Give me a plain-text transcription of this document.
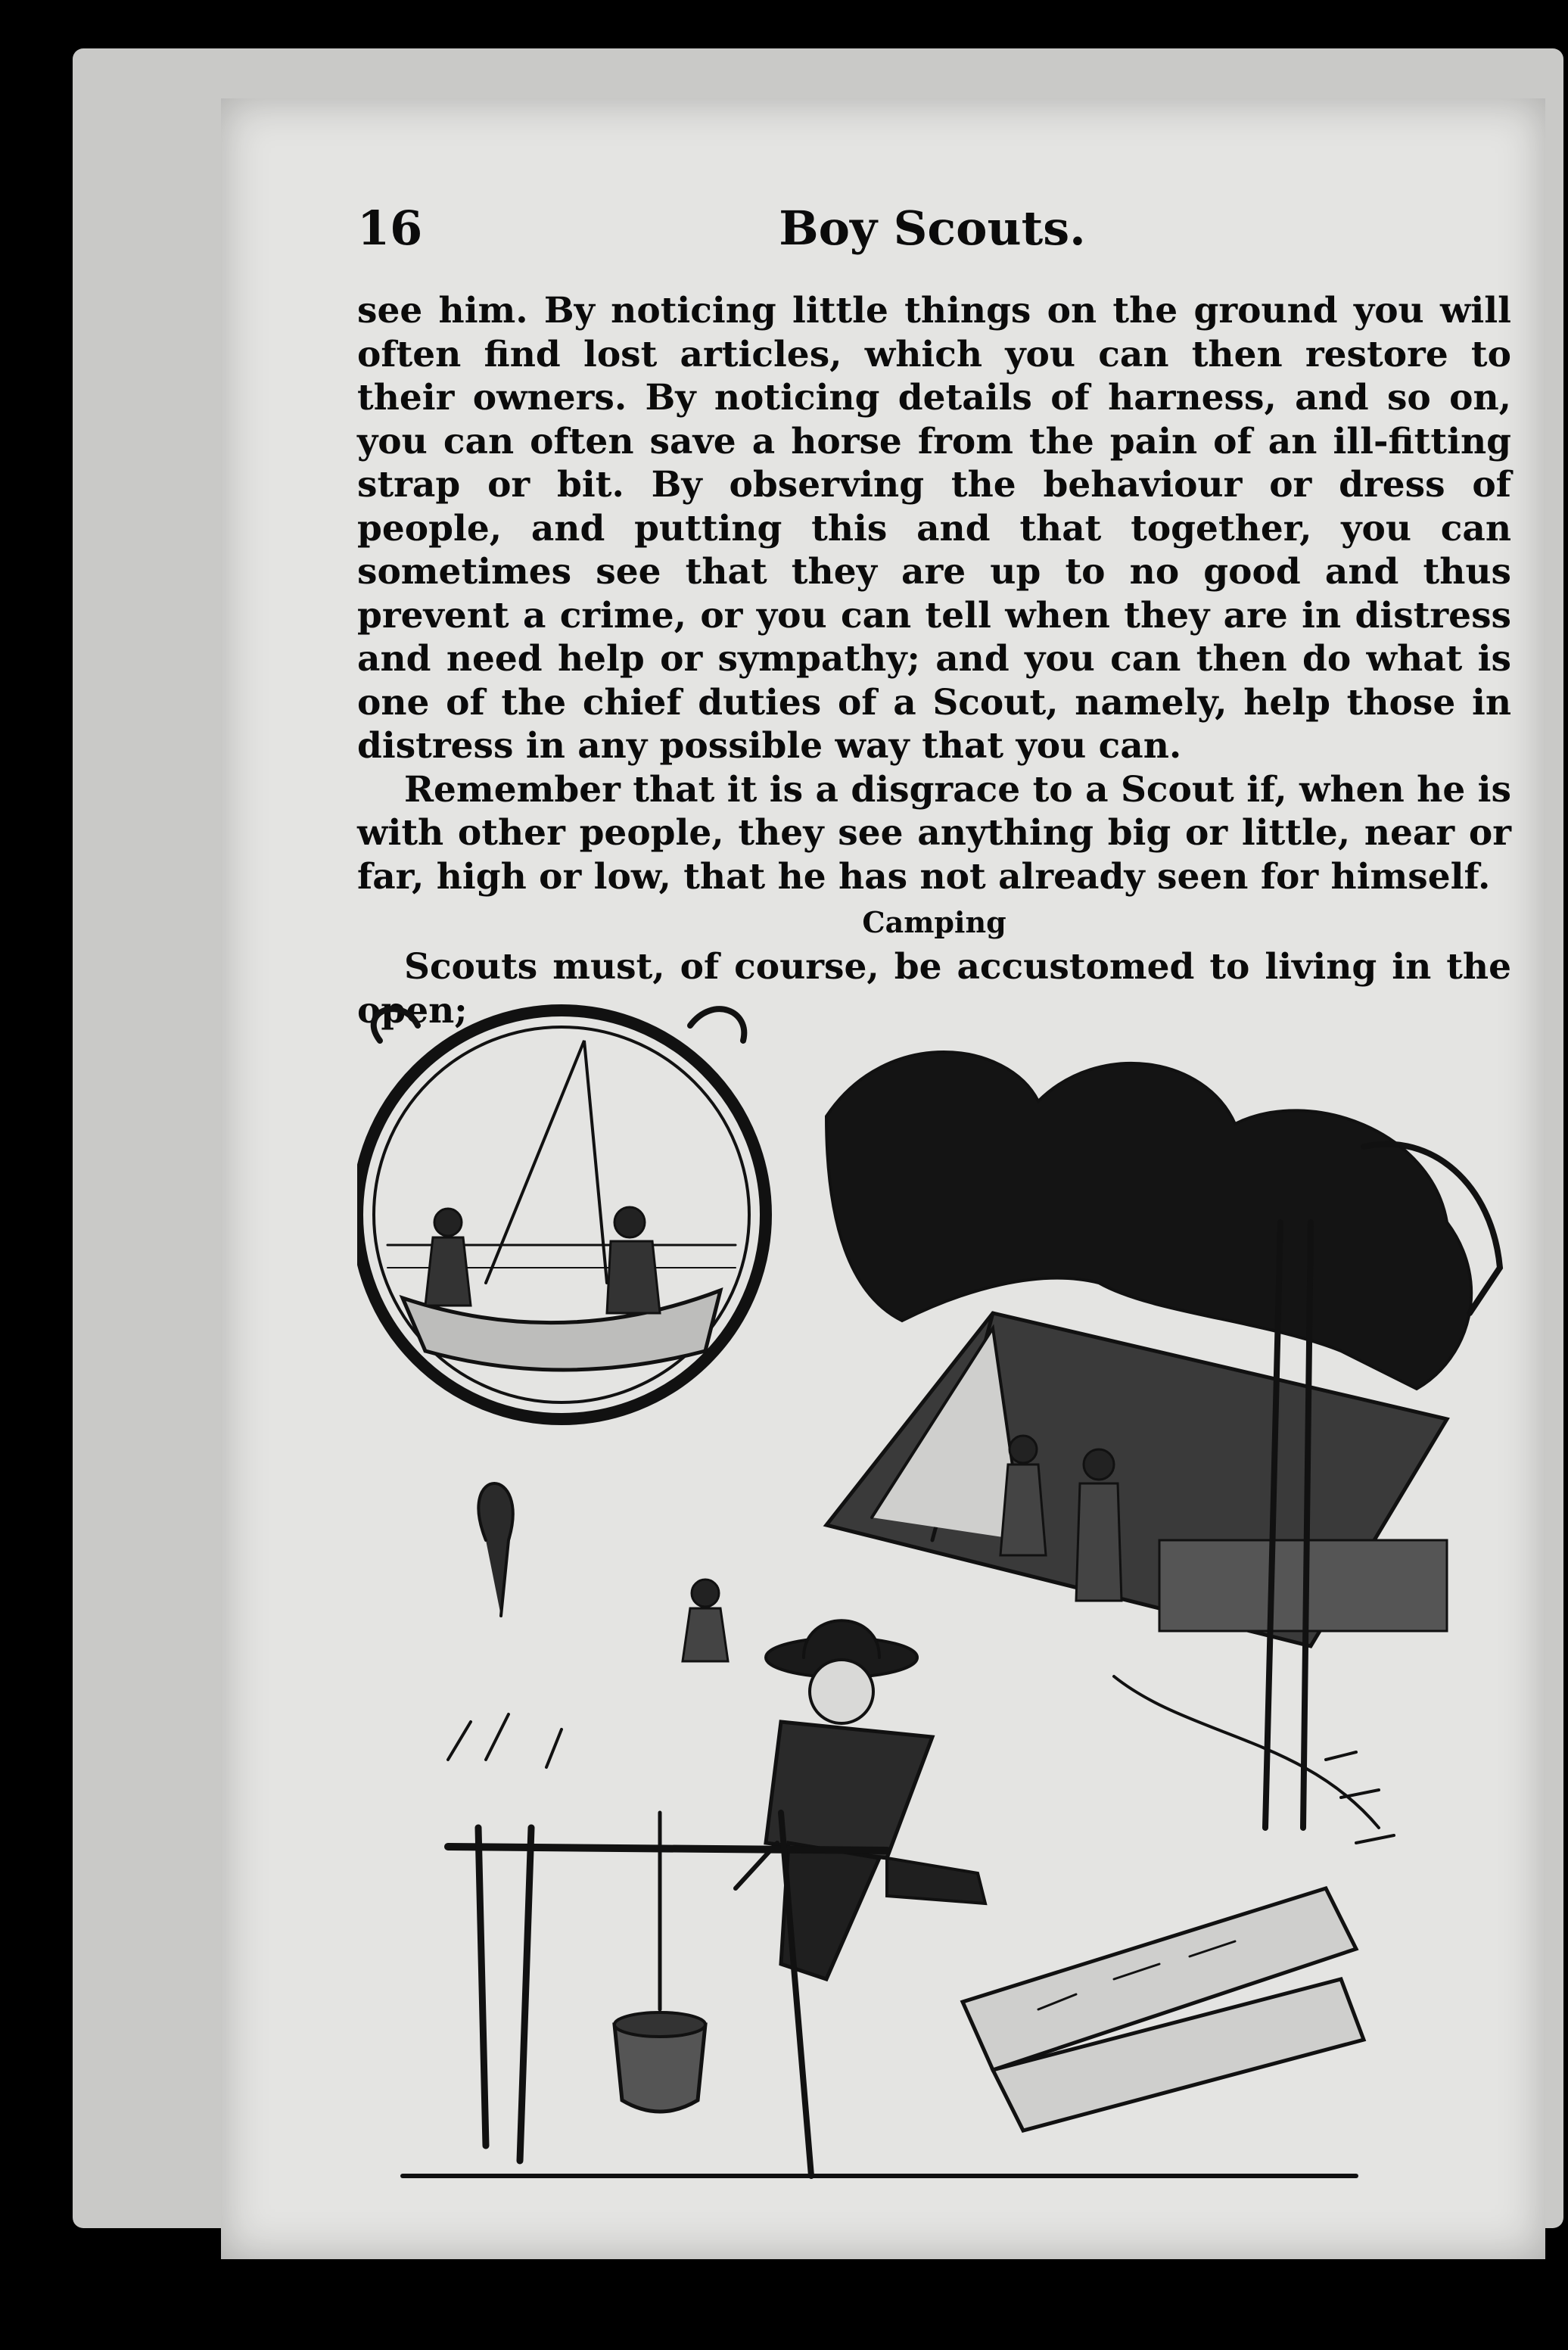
16	Boy Scouts.

see him. By noticing little things on the ground you will often find lost articles, which you can then restore to their owners. By noticing details of harness, and so on, you can often save a horse from the pain of an ill-fitting strap or bit. By observing the behaviour or dress of people, and putting this and that together, you can sometimes see that they are up to no good and thus prevent a crime, or you can tell when they are in distress and need help or sympathy; and you can then do what is one of the chief duties of a Scout, namely, help those in distress in any possible way that you can.

Remember that it is a disgrace to a Scout if, when he is with other people, they see anything big or little, near or far, high or low, that he has not already seen for himself.

Camping

Scouts must, of course, be accustomed to living in the open;
